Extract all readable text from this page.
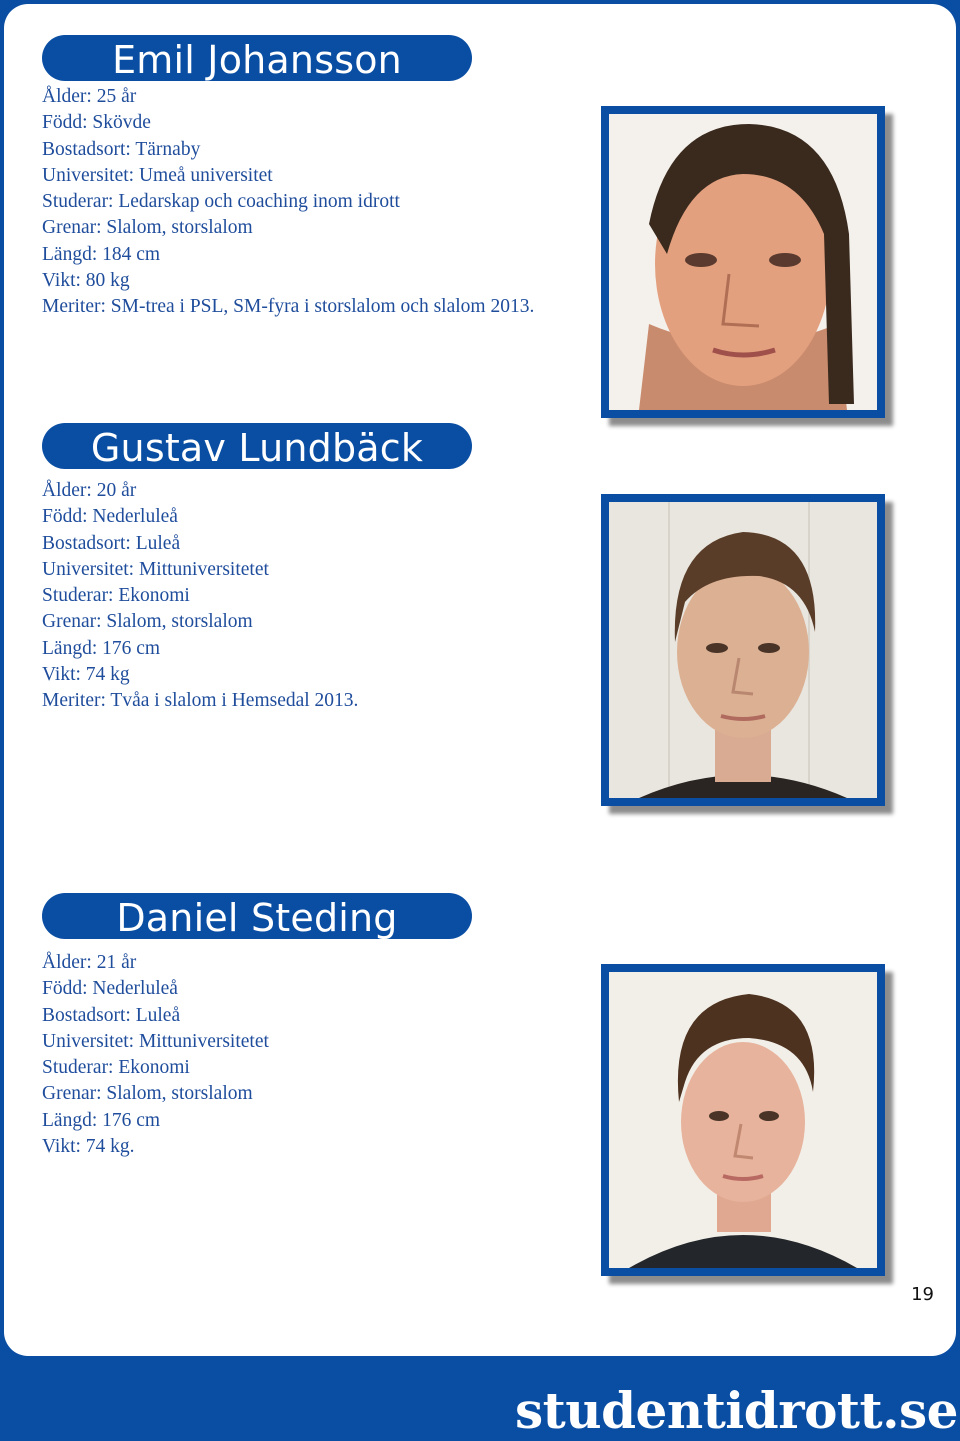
Emil Johansson
Ålder: 25 år
Född: Skövde
Bostadsort: Tärnaby
Universitet: Umeå universitet
Studerar: Ledarskap och coaching inom idrott
Grenar: Slalom, storslalom
Längd: 184 cm
Vikt: 80 kg
Meriter: SM-trea i PSL, SM-fyra i storslalom och slalom 2013.
Gustav Lundbäck
Ålder: 20 år
Född: Nederluleå
Bostadsort: Luleå
Universitet: Mittuniversitetet
Studerar: Ekonomi
Grenar: Slalom, storslalom
Längd: 176 cm
Vikt: 74 kg
Meriter: Tvåa i slalom i Hemsedal 2013.
Daniel Steding
Ålder: 21 år
Född: Nederluleå
Bostadsort: Luleå
Universitet: Mittuniversitetet
Studerar: Ekonomi
Grenar: Slalom, storslalom
Längd: 176 cm
Vikt: 74 kg.
19
studentidrott.se
